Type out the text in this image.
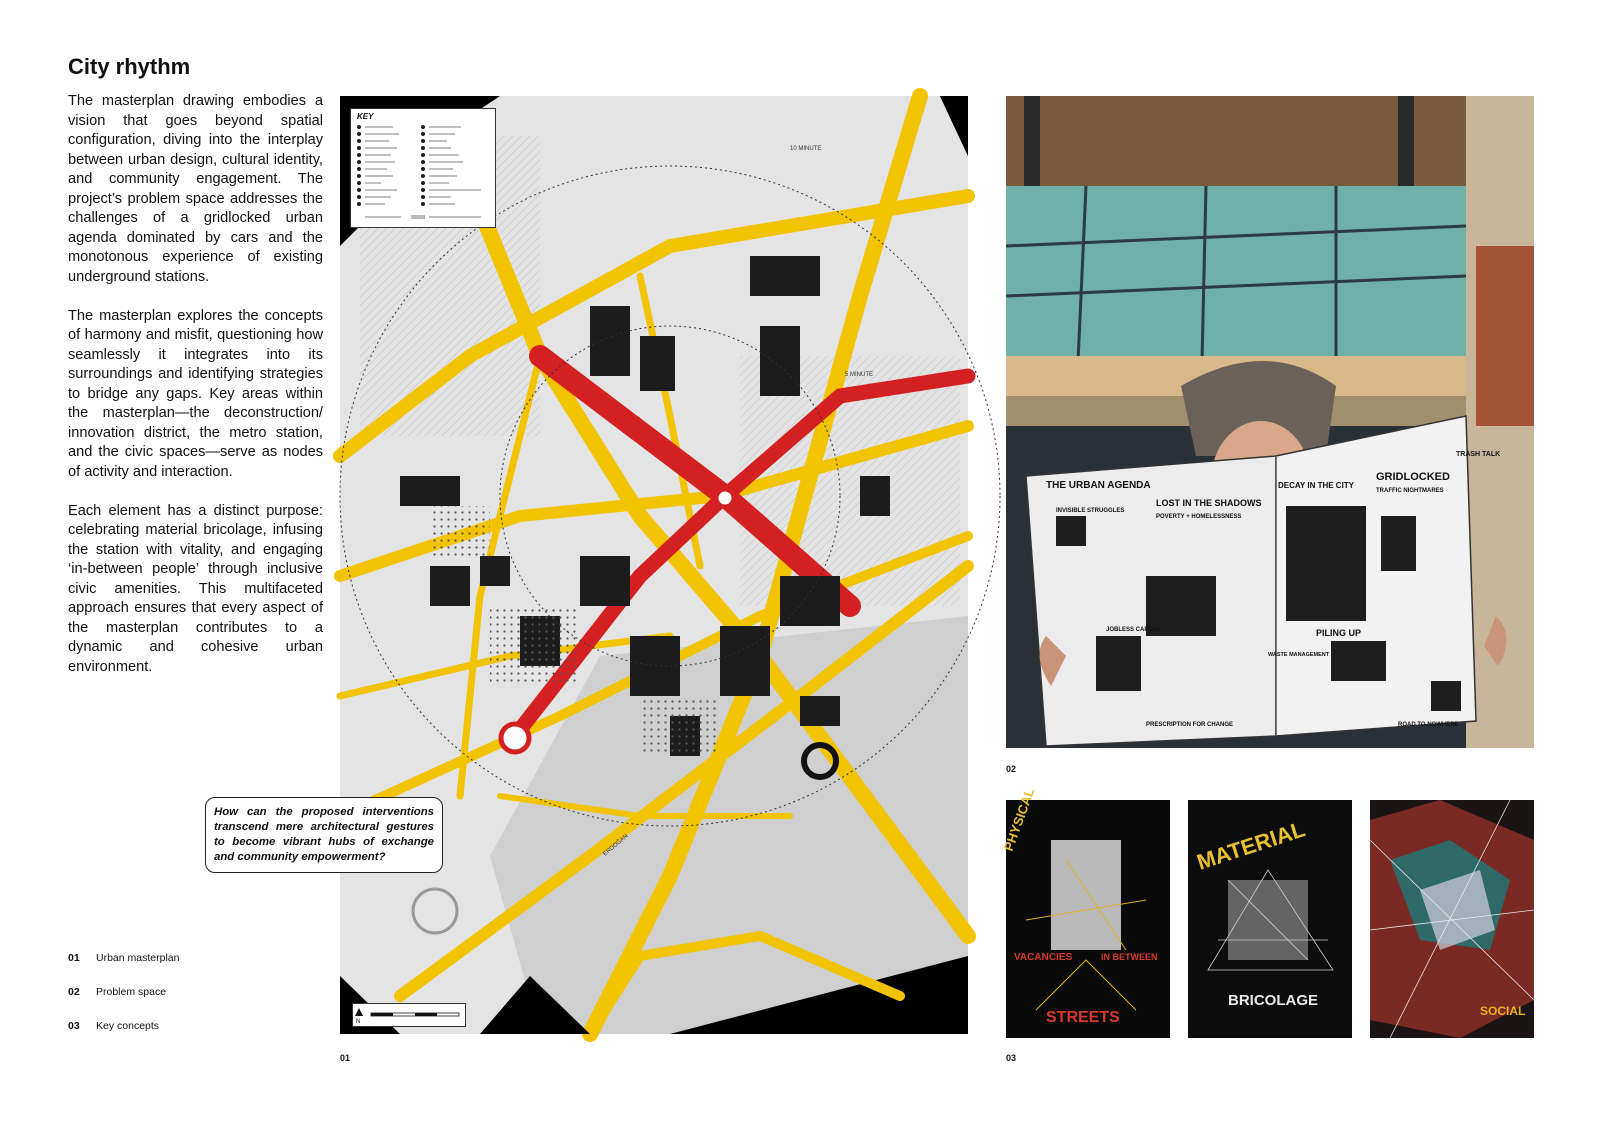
City rhythm

The masterplan drawing embodies a vision that goes beyond spatial configuration, diving into the interplay between urban design, cultural identity, and community engagement. The project’s problem space addresses the challenges of a gridlocked urban agenda dominated by cars and the monotonous experience of existing underground stations.

The masterplan explores the concepts of harmony and misfit, questioning how seamlessly it integrates into its surroundings and identifying strategies to bridge any gaps. Key areas within the masterplan—the deconstruction/ innovation district, the metro station, and the civic spaces—serve as nodes of activity and interaction.

Each element has a distinct purpose: celebrating material bricolage, infusing the station with vitality, and engaging ‘in-between people’ through inclusive civic amenities. This multifaceted approach ensures that every aspect of the masterplan contributes to a dynamic and cohesive urban environment.

10 MINUTE
5 MINUTE
ERDOĞAN
KEY
N
How can the proposed interventions transcend mere architectural gestures to become vibrant hubs of exchange and community empowerment?
THE URBAN AGENDA
LOST IN THE SHADOWS
DECAY IN THE CITY
GRIDLOCKED
TRASH TALK
POVERTY + HOMELESSNESS
TRAFFIC NIGHTMARES
INVISIBLE STRUGGLES
JOBLESS CAPITAL
WASTE MANAGEMENT
PILING UP
PRESCRIPTION FOR CHANGE	ROAD TO NOWHERE
PHYSICAL
VACANCIES	IN BETWEEN
STREETS
MATERIAL
BRICOLAGE
SOCIAL
01
02
03
01	Urban masterplan
02	Problem space
03	Key concepts
